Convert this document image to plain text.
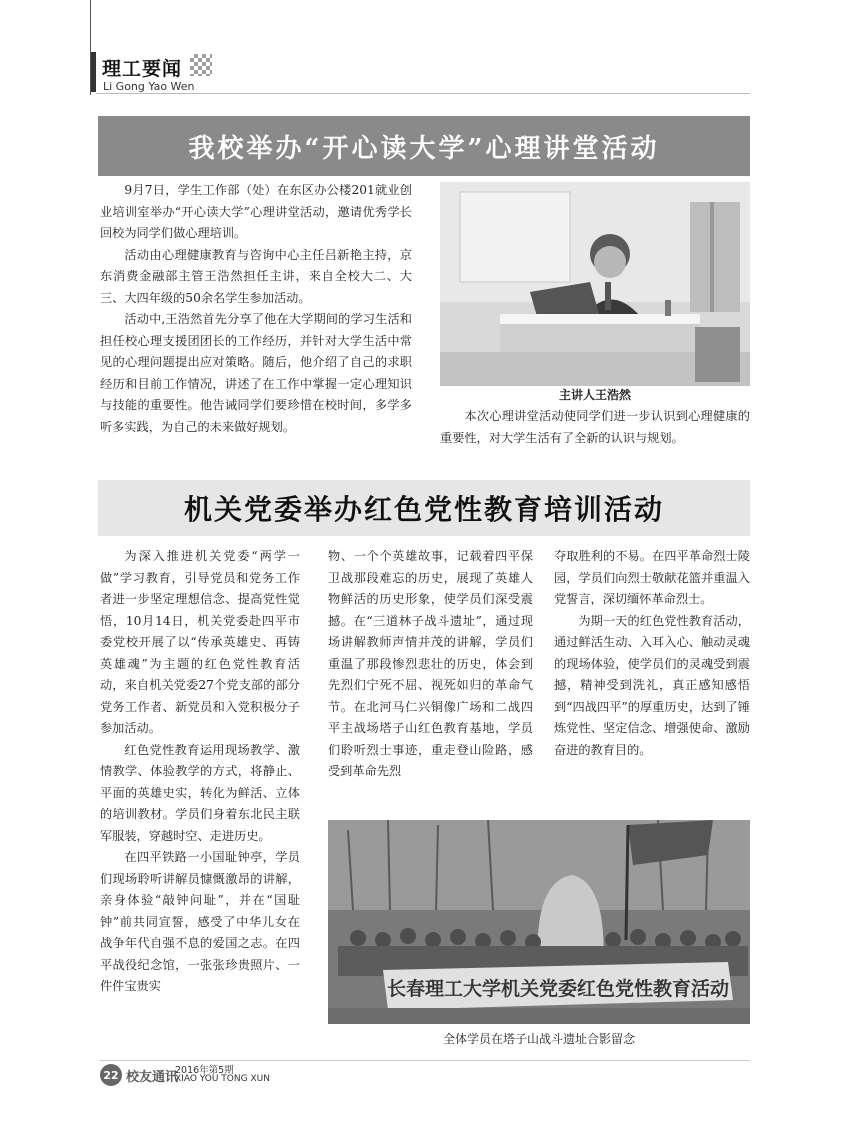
理工要闻
Li Gong Yao Wen
我校举办“开心读大学”心理讲堂活动

9月7日，学生工作部（处）在东区办公楼201就业创业培训室举办“开心读大学”心理讲堂活动，邀请优秀学长回校为同学们做心理培训。

活动由心理健康教育与咨询中心主任吕新艳主持，京东消费金融部主管王浩然担任主讲，来自全校大二、大三、大四年级的50余名学生参加活动。

活动中,王浩然首先分享了他在大学期间的学习生活和担任校心理支援团团长的工作经历，并针对大学生活中常见的心理问题提出应对策略。随后，他介绍了自己的求职经历和目前工作情况，讲述了在工作中掌握一定心理知识与技能的重要性。他告诫同学们要珍惜在校时间，多学多听多实践，为自己的未来做好规划。

主讲人王浩然

本次心理讲堂活动使同学们进一步认识到心理健康的重要性，对大学生活有了全新的认识与规划。

机关党委举办红色党性教育培训活动

为深入推进机关党委“两学一做”学习教育，引导党员和党务工作者进一步坚定理想信念、提高党性觉悟，10月14日，机关党委赴四平市委党校开展了以“传承英雄史、再铸英雄魂”为主题的红色党性教育活动，来自机关党委27个党支部的部分党务工作者、新党员和入党积极分子参加活动。

红色党性教育运用现场教学、激情教学、体验教学的方式，将静止、平面的英雄史实，转化为鲜活、立体的培训教材。学员们身着东北民主联军服装，穿越时空、走进历史。

在四平铁路一小国耻钟亭，学员们现场聆听讲解员慷慨激昂的讲解，亲身体验“敲钟问耻”，并在“国耻钟”前共同宣誓，感受了中华儿女在战争年代自强不息的爱国之志。在四平战役纪念馆，一张张珍贵照片、一件件宝贵实

物、一个个英雄故事，记载着四平保卫战那段难忘的历史，展现了英雄人物鲜活的历史形象，使学员们深受震撼。在“三道林子战斗遗址”，通过现场讲解教师声情并茂的讲解，学员们重温了那段惨烈悲壮的历史，体会到先烈们宁死不屈、视死如归的革命气节。在北河马仁兴铜像广场和二战四平主战场塔子山红色教育基地，学员们聆听烈士事迹，重走登山险路，感受到革命先烈

夺取胜利的不易。在四平革命烈士陵园，学员们向烈士敬献花篮并重温入党誓言，深切缅怀革命烈士。

为期一天的红色党性教育活动，通过鲜活生动、入耳入心、触动灵魂的现场体验，使学员们的灵魂受到震撼，精神受到洗礼，真正感知感悟到“四战四平”的厚重历史，达到了锤炼党性、坚定信念、增强使命、激励奋进的教育目的。

长春理工大学机关党委红色党性教育活动
全体学员在塔子山战斗遗址合影留念
22 校友通讯
2016年第5期
XIAO YOU TONG XUN
